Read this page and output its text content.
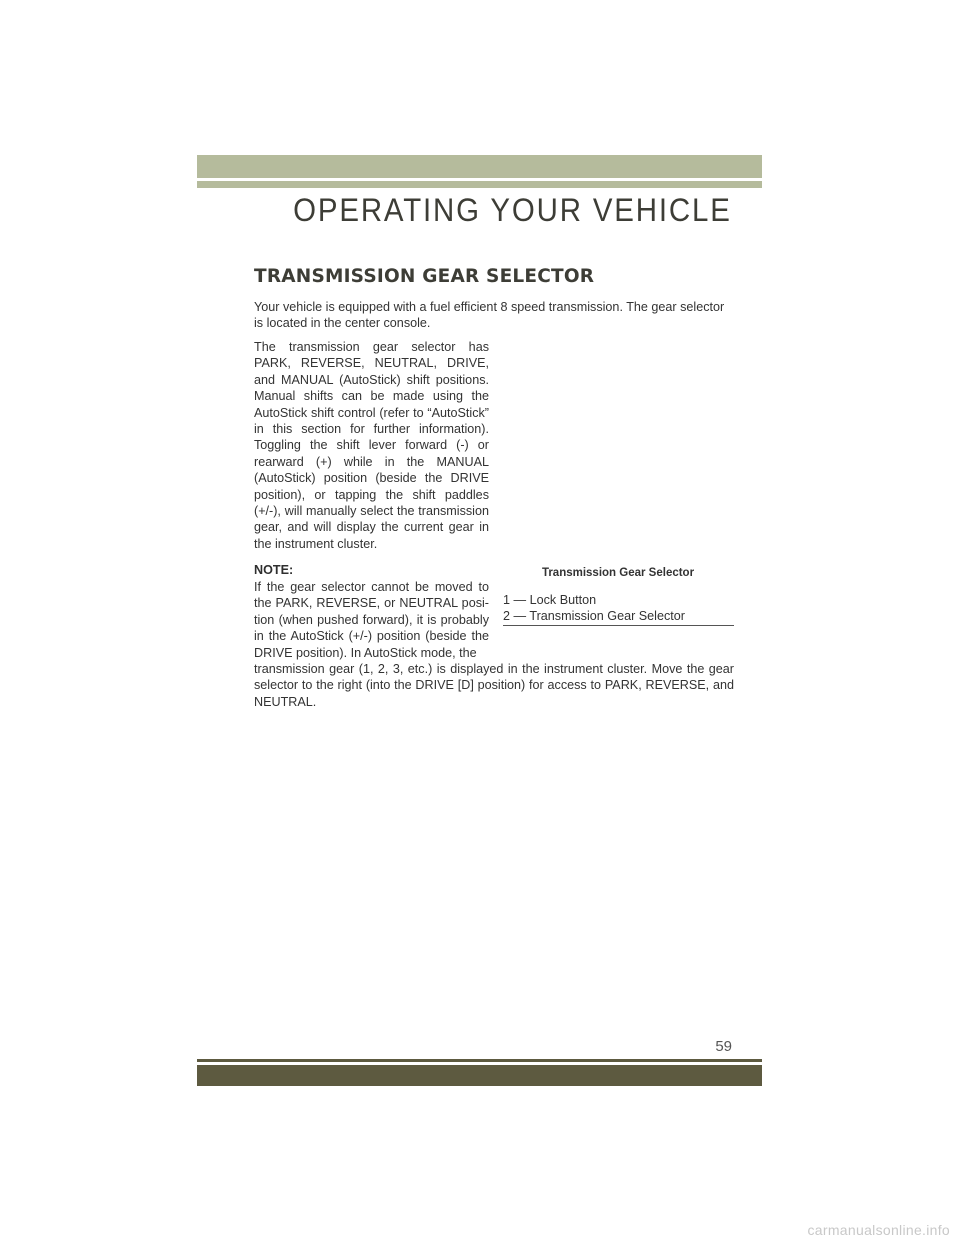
OPERATING YOUR VEHICLE
TRANSMISSION GEAR SELECTOR
Your vehicle is equipped with a fuel efficient 8 speed transmission. The gear selector is located in the center console.
The transmission gear selector has PARK, REVERSE, NEUTRAL, DRIVE, and MANUAL (AutoStick) shift positions. Manual shifts can be made using the AutoStick shift control (refer to “AutoStick” in this section for further information). Toggling the shift lever forward (-) or rearward (+) while in the MANUAL (AutoStick) position (beside the DRIVE position), or tapping the shift paddles (+/-), will manually select the transmission gear, and will display the current gear in the instrument cluster.
NOTE:
If the gear selector cannot be moved to the PARK, REVERSE, or NEUTRAL position (when pushed forward), it is probably in the AutoStick (+/-) position (beside the DRIVE position). In AutoStick mode, the
transmission gear (1, 2, 3, etc.) is displayed in the instrument cluster. Move the gear selector to the right (into the DRIVE [D] position) for access to PARK, REVERSE, and NEUTRAL.
Transmission Gear Selector
1 — Lock Button
2 — Transmission Gear Selector
59
carmanualsonline.info
